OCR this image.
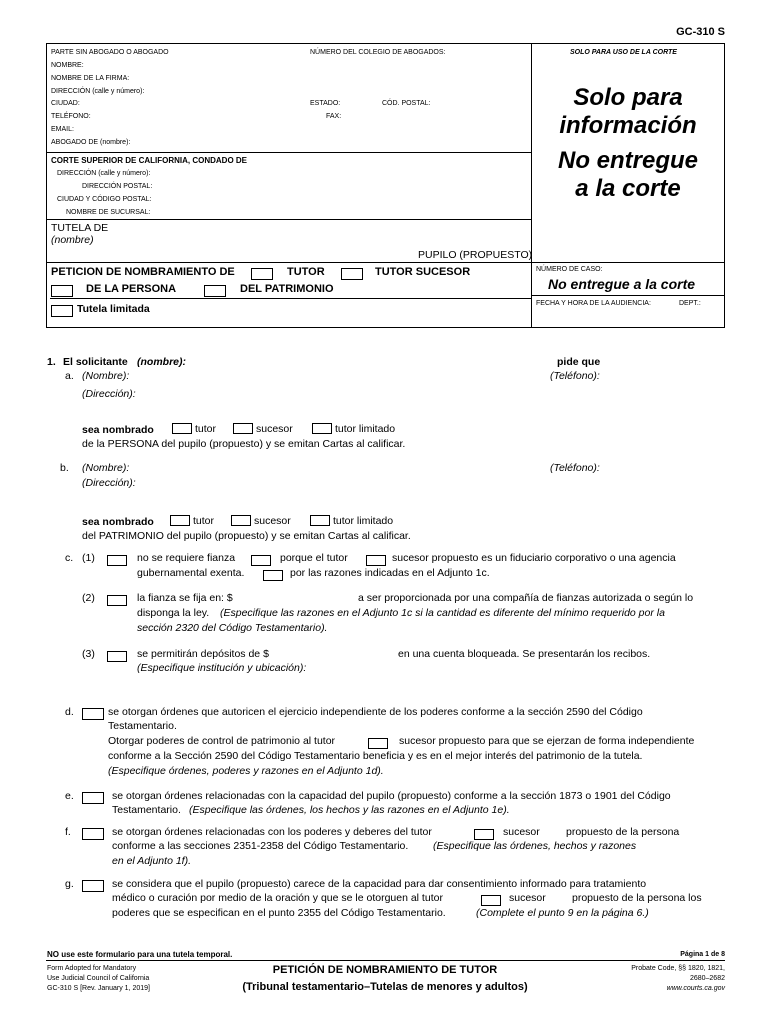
GC-310 S
PARTE SIN ABOGADO O ABOGADO	NÚMERO DEL COLEGIO DE ABOGADOS:	SOLO PARA USO DE LA CORTE
NOMBRE:
NOMBRE DE LA FIRMA:
DIRECCIÓN (calle y número):
CIUDAD:	ESTADO:	CÓD. POSTAL:
TELÉFONO:	FAX:
EMAIL:
ABOGADO DE (nombre):
CORTE SUPERIOR DE CALIFORNIA, CONDADO DE
DIRECCIÓN (calle y número):
DIRECCIÓN POSTAL:
CIUDAD Y CÓDIGO POSTAL:
NOMBRE DE SUCURSAL:
Solo para
información
No entregue
a la corte
TUTELA DE
(nombre)
PUPILO (PROPUESTO)
PETICION DE NOMBRAMIENTO DE	TUTOR	TUTOR SUCESOR
DE LA PERSONA	DEL PATRIMONIO
Tutela limitada
NÚMERO DE CASO:
No entregue a la corte
FECHA Y HORA DE LA AUDIENCIA:	DEPT.:
1. El solicitante (nombre):	pide que
a. (Nombre):	(Teléfono):
(Dirección):
sea nombrado	tutor	sucesor	tutor limitado
de la PERSONA del pupilo (propuesto) y se emitan Cartas al calificar.
b. (Nombre):	(Teléfono):
(Dirección):
sea nombrado	tutor	sucesor	tutor limitado
del PATRIMONIO del pupilo (propuesto) y se emitan Cartas al calificar.
c. (1)	no se requiere fianza	porque el tutor	sucesor propuesto es un fiduciario corporativo o una agencia
gubernamental exenta.	por las razones indicadas en el Adjunto 1c.
(2)	la fianza se fija en: $	a ser proporcionada por una compañía de fianzas autorizada o según lo
disponga la ley. (Especifique las razones en el Adjunto 1c si la cantidad es diferente del mínimo requerido por la
sección 2320 del Código Testamentario).
(3)	se permitirán depósitos de $	en una cuenta bloqueada. Se presentarán los recibos.
(Especifique institución y ubicación):
d.	se otorgan órdenes que autoricen el ejercicio independiente de los poderes conforme a la sección 2590 del Código
Testamentario.
Otorgar poderes de control de patrimonio al tutor	sucesor propuesto para que se ejerzan de forma independiente
conforme a la Sección 2590 del Código Testamentario beneficia y es en el mejor interés del patrimonio de la tutela.
(Especifique órdenes, poderes y razones en el Adjunto 1d).
e.	se otorgan órdenes relacionadas con la capacidad del pupilo (propuesto) conforme a la sección 1873 o 1901 del Código
Testamentario. (Especifique las órdenes, los hechos y las razones en el Adjunto 1e).
f.	se otorgan órdenes relacionadas con los poderes y deberes del tutor	sucesor propuesto de la persona
conforme a las secciones 2351-2358 del Código Testamentario. (Especifique las órdenes, hechos y razones
en el Adjunto 1f).
g.	se considera que el pupilo (propuesto) carece de la capacidad para dar consentimiento informado para tratamiento
médico o curación por medio de la oración y que se le otorguen al tutor	sucesor propuesto de la persona los
poderes que se especifican en el punto 2355 del Código Testamentario.	(Complete el punto 9 en la página 6.)
NO use este formulario para una tutela temporal.	Página 1 de 8
Form Adopted for Mandatory
Use Judicial Council of California
GC-310 S [Rev. January 1, 2019]
PETICIÓN DE NOMBRAMIENTO DE TUTOR
(Tribunal testamentario–Tutelas de menores y adultos)
Probate Code, §§ 1820, 1821,
2680–2682
www.courts.ca.gov
